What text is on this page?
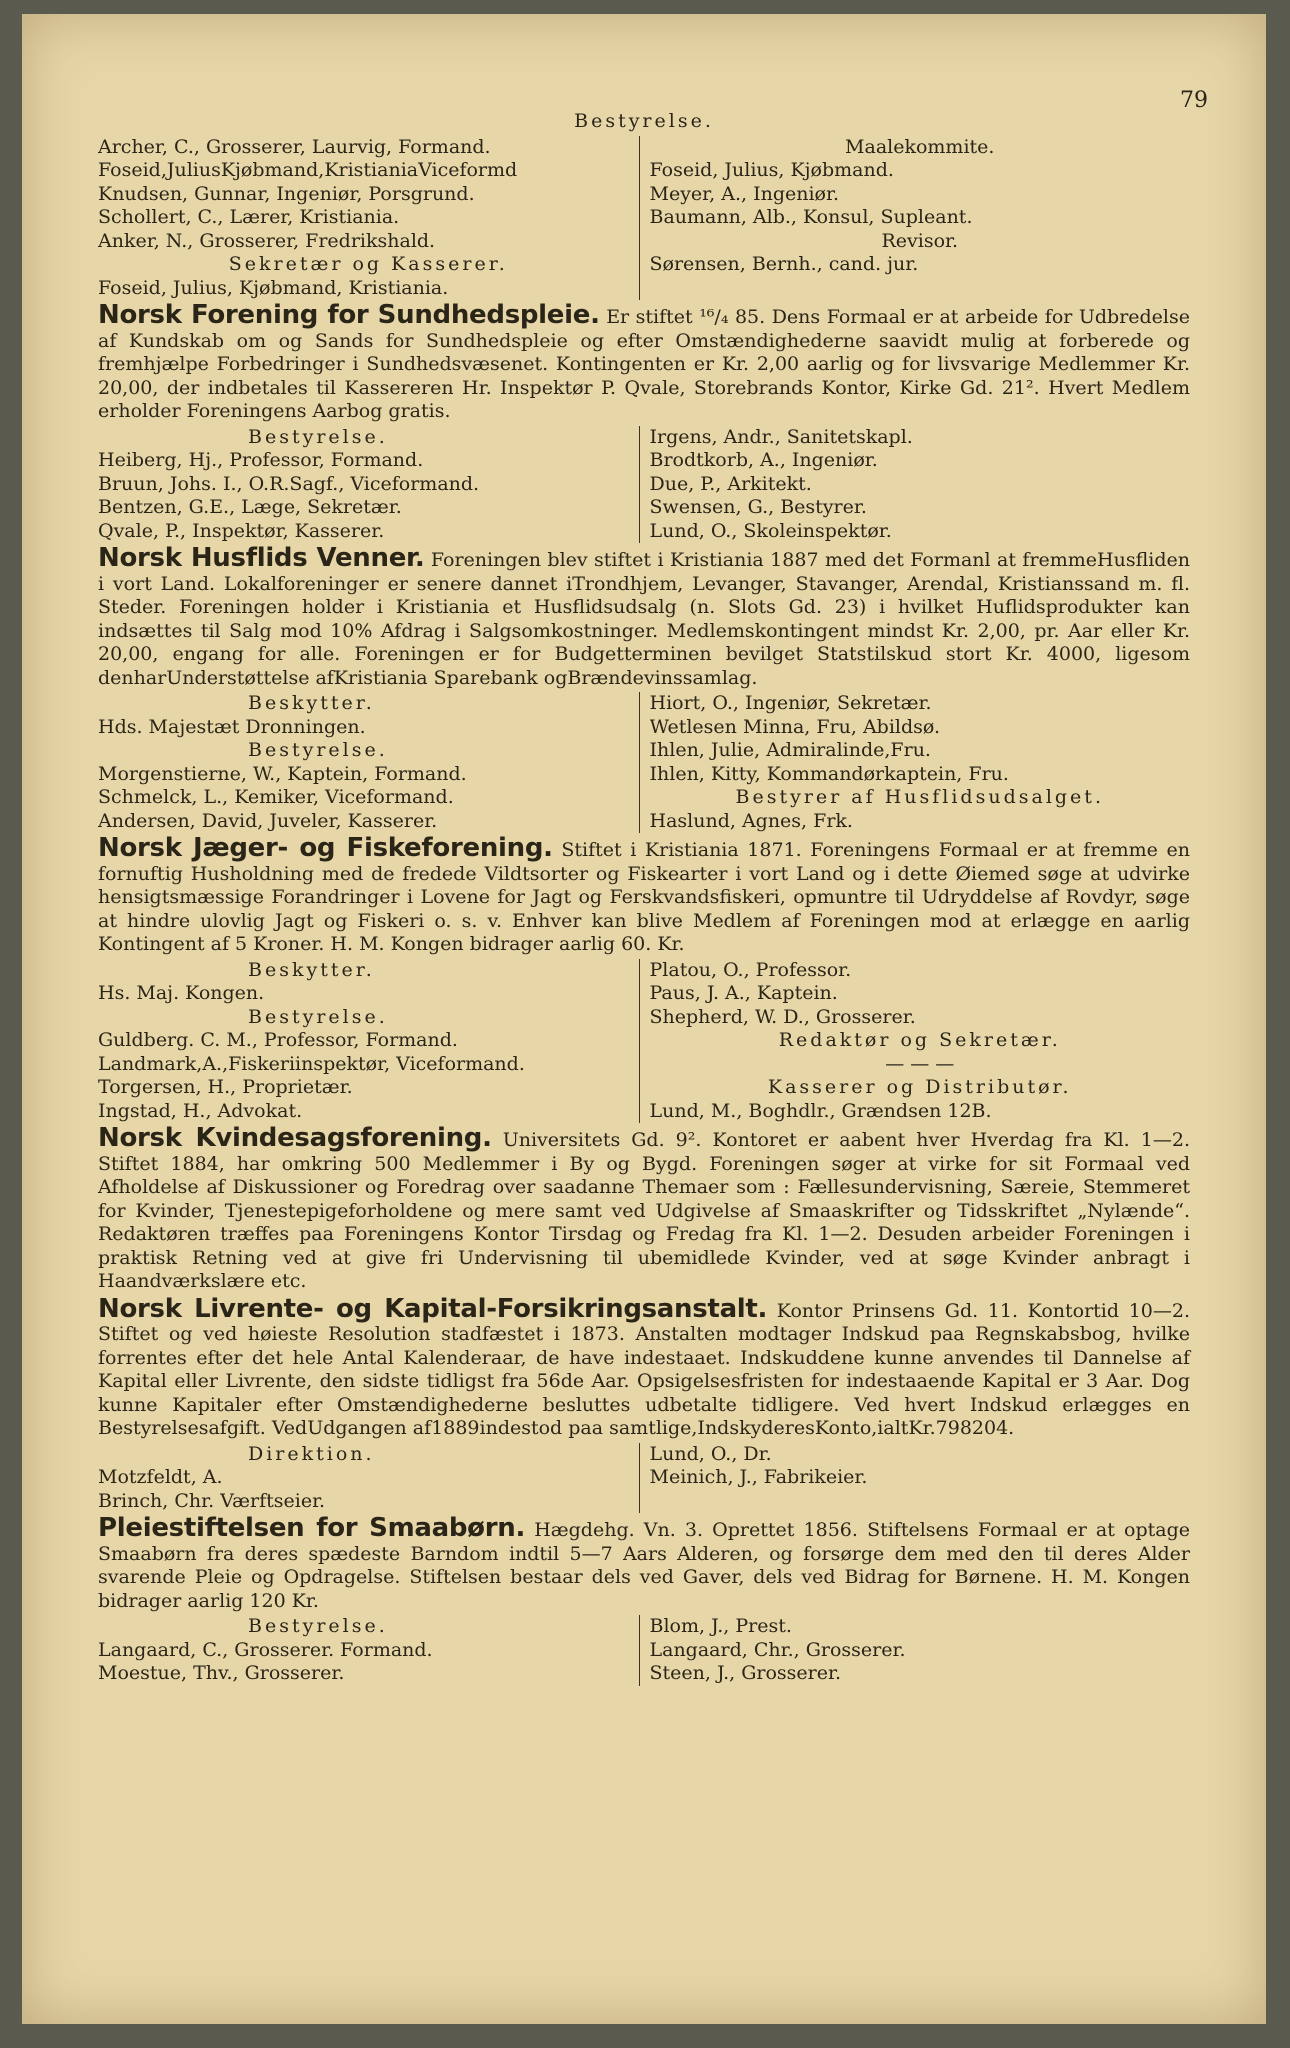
79
Bestyrelse.
Archer, C., Grosserer, Laurvig, Formand.
Foseid,JuliusKjøbmand,KristianiaViceformd
Knudsen, Gunnar, Ingeniør, Porsgrund.
Schollert, C., Lærer, Kristiania.
Anker, N., Grosserer, Fredrikshald.
Sekretær og Kasserer.
Foseid, Julius, Kjøbmand, Kristiania.
Maalekommite.
Foseid, Julius, Kjøbmand.
Meyer, A., Ingeniør.
Baumann, Alb., Konsul, Supleant.
Revisor.
Sørensen, Bernh., cand. jur.
Norsk Forening for Sundhedspleie. Er stiftet ¹⁶/₄ 85. Dens Formaal er at arbeide for Udbredelse af Kundskab om og Sands for Sundhedspleie og efter Omstændighederne saavidt mulig at forberede og fremhjælpe Forbedringer i Sundhedsvæsenet. Kontingenten er Kr. 2,00 aarlig og for livsvarige Medlemmer Kr. 20,00, der indbetales til Kassereren Hr. Inspektør P. Qvale, Storebrands Kontor, Kirke Gd. 21². Hvert Medlem erholder Foreningens Aarbog gratis.
Bestyrelse.
Heiberg, Hj., Professor, Formand.
Bruun, Johs. I., O.R.Sagf., Viceformand.
Bentzen, G.E., Læge, Sekretær.
Qvale, P., Inspektør, Kasserer.
Irgens, Andr., Sanitetskapl.
Brodtkorb, A., Ingeniør.
Due, P., Arkitekt.
Swensen, G., Bestyrer.
Lund, O., Skoleinspektør.
Norsk Husflids Venner. Foreningen blev stiftet i Kristiania 1887 med det Formanl at fremmeHusfliden i vort Land. Lokalforeninger er senere dannet iTrondhjem, Levanger, Stavanger, Arendal, Kristianssand m. fl. Steder. Foreningen holder i Kristiania et Husflidsudsalg (n. Slots Gd. 23) i hvilket Huflidsprodukter kan indsættes til Salg mod 10% Afdrag i Salgsomkostninger. Medlemskontingent mindst Kr. 2,00, pr. Aar eller Kr. 20,00, engang for alle. Foreningen er for Budgetterminen bevilget Statstilskud stort Kr. 4000, ligesom denharUnderstøttelse afKristiania Sparebank ogBrændevinssamlag.
Beskytter.
Hds. Majestæt Dronningen.
Bestyrelse.
Morgenstierne, W., Kaptein, Formand.
Schmelck, L., Kemiker, Viceformand.
Andersen, David, Juveler, Kasserer.
Hiort, O., Ingeniør, Sekretær.
Wetlesen Minna, Fru, Abildsø.
Ihlen, Julie, Admiralinde,Fru.
Ihlen, Kitty, Kommandørkaptein, Fru.
Bestyrer af Husflidsudsalget.
Haslund, Agnes, Frk.
Norsk Jæger- og Fiskeforening. Stiftet i Kristiania 1871. Foreningens Formaal er at fremme en fornuftig Husholdning med de fredede Vildtsorter og Fiskearter i vort Land og i dette Øiemed søge at udvirke hensigtsmæssige Forandringer i Lovene for Jagt og Ferskvandsfiskeri, opmuntre til Udryddelse af Rovdyr, søge at hindre ulovlig Jagt og Fiskeri o. s. v. Enhver kan blive Medlem af Foreningen mod at erlægge en aarlig Kontingent af 5 Kroner. H. M. Kongen bidrager aarlig 60. Kr.
Beskytter.
Hs. Maj. Kongen.
Bestyrelse.
Guldberg. C. M., Professor, Formand.
Landmark,A.,Fiskeriinspektør, Viceformand.
Torgersen, H., Proprietær.
Ingstad, H., Advokat.
Platou, O., Professor.
Paus, J. A., Kaptein.
Shepherd, W. D., Grosserer.
Redaktør og Sekretær.
— — —
Kasserer og Distributør.
Lund, M., Boghdlr., Grændsen 12B.
Norsk Kvindesagsforening. Universitets Gd. 9². Kontoret er aabent hver Hverdag fra Kl. 1—2. Stiftet 1884, har omkring 500 Medlemmer i By og Bygd. Foreningen søger at virke for sit Formaal ved Afholdelse af Diskussioner og Foredrag over saadanne Themaer som : Fællesundervisning, Særeie, Stemmeret for Kvinder, Tjenestepigeforholdene og mere samt ved Udgivelse af Smaaskrifter og Tidsskriftet „Nylænde“. Redaktøren træffes paa Foreningens Kontor Tirsdag og Fredag fra Kl. 1—2. Desuden arbeider Foreningen i praktisk Retning ved at give fri Undervisning til ubemidlede Kvinder, ved at søge Kvinder anbragt i Haandværkslære etc.
Norsk Livrente- og Kapital-Forsikringsanstalt. Kontor Prinsens Gd. 11. Kontortid 10—2. Stiftet og ved høieste Resolution stadfæstet i 1873. Anstalten modtager Indskud paa Regnskabsbog, hvilke forrentes efter det hele Antal Kalenderaar, de have indestaaet. Indskuddene kunne anvendes til Dannelse af Kapital eller Livrente, den sidste tidligst fra 56de Aar. Opsigelsesfristen for indestaaende Kapital er 3 Aar. Dog kunne Kapitaler efter Omstændighederne besluttes udbetalte tidligere. Ved hvert Indskud erlægges en Bestyrelsesafgift. VedUdgangen af1889indestod paa samtlige,IndskyderesKonto,ialtKr.798204.
Direktion.
Motzfeldt, A.
Brinch, Chr. Værftseier.
Lund, O., Dr.
Meinich, J., Fabrikeier.
Pleiestiftelsen for Smaabørn. Hægdehg. Vn. 3. Oprettet 1856. Stiftelsens Formaal er at optage Smaabørn fra deres spædeste Barndom indtil 5—7 Aars Alderen, og forsørge dem med den til deres Alder svarende Pleie og Opdragelse. Stiftelsen bestaar dels ved Gaver, dels ved Bidrag for Børnene. H. M. Kongen bidrager aarlig 120 Kr.
Bestyrelse.
Langaard, C., Grosserer. Formand.
Moestue, Thv., Grosserer.
Blom, J., Prest.
Langaard, Chr., Grosserer.
Steen, J., Grosserer.
